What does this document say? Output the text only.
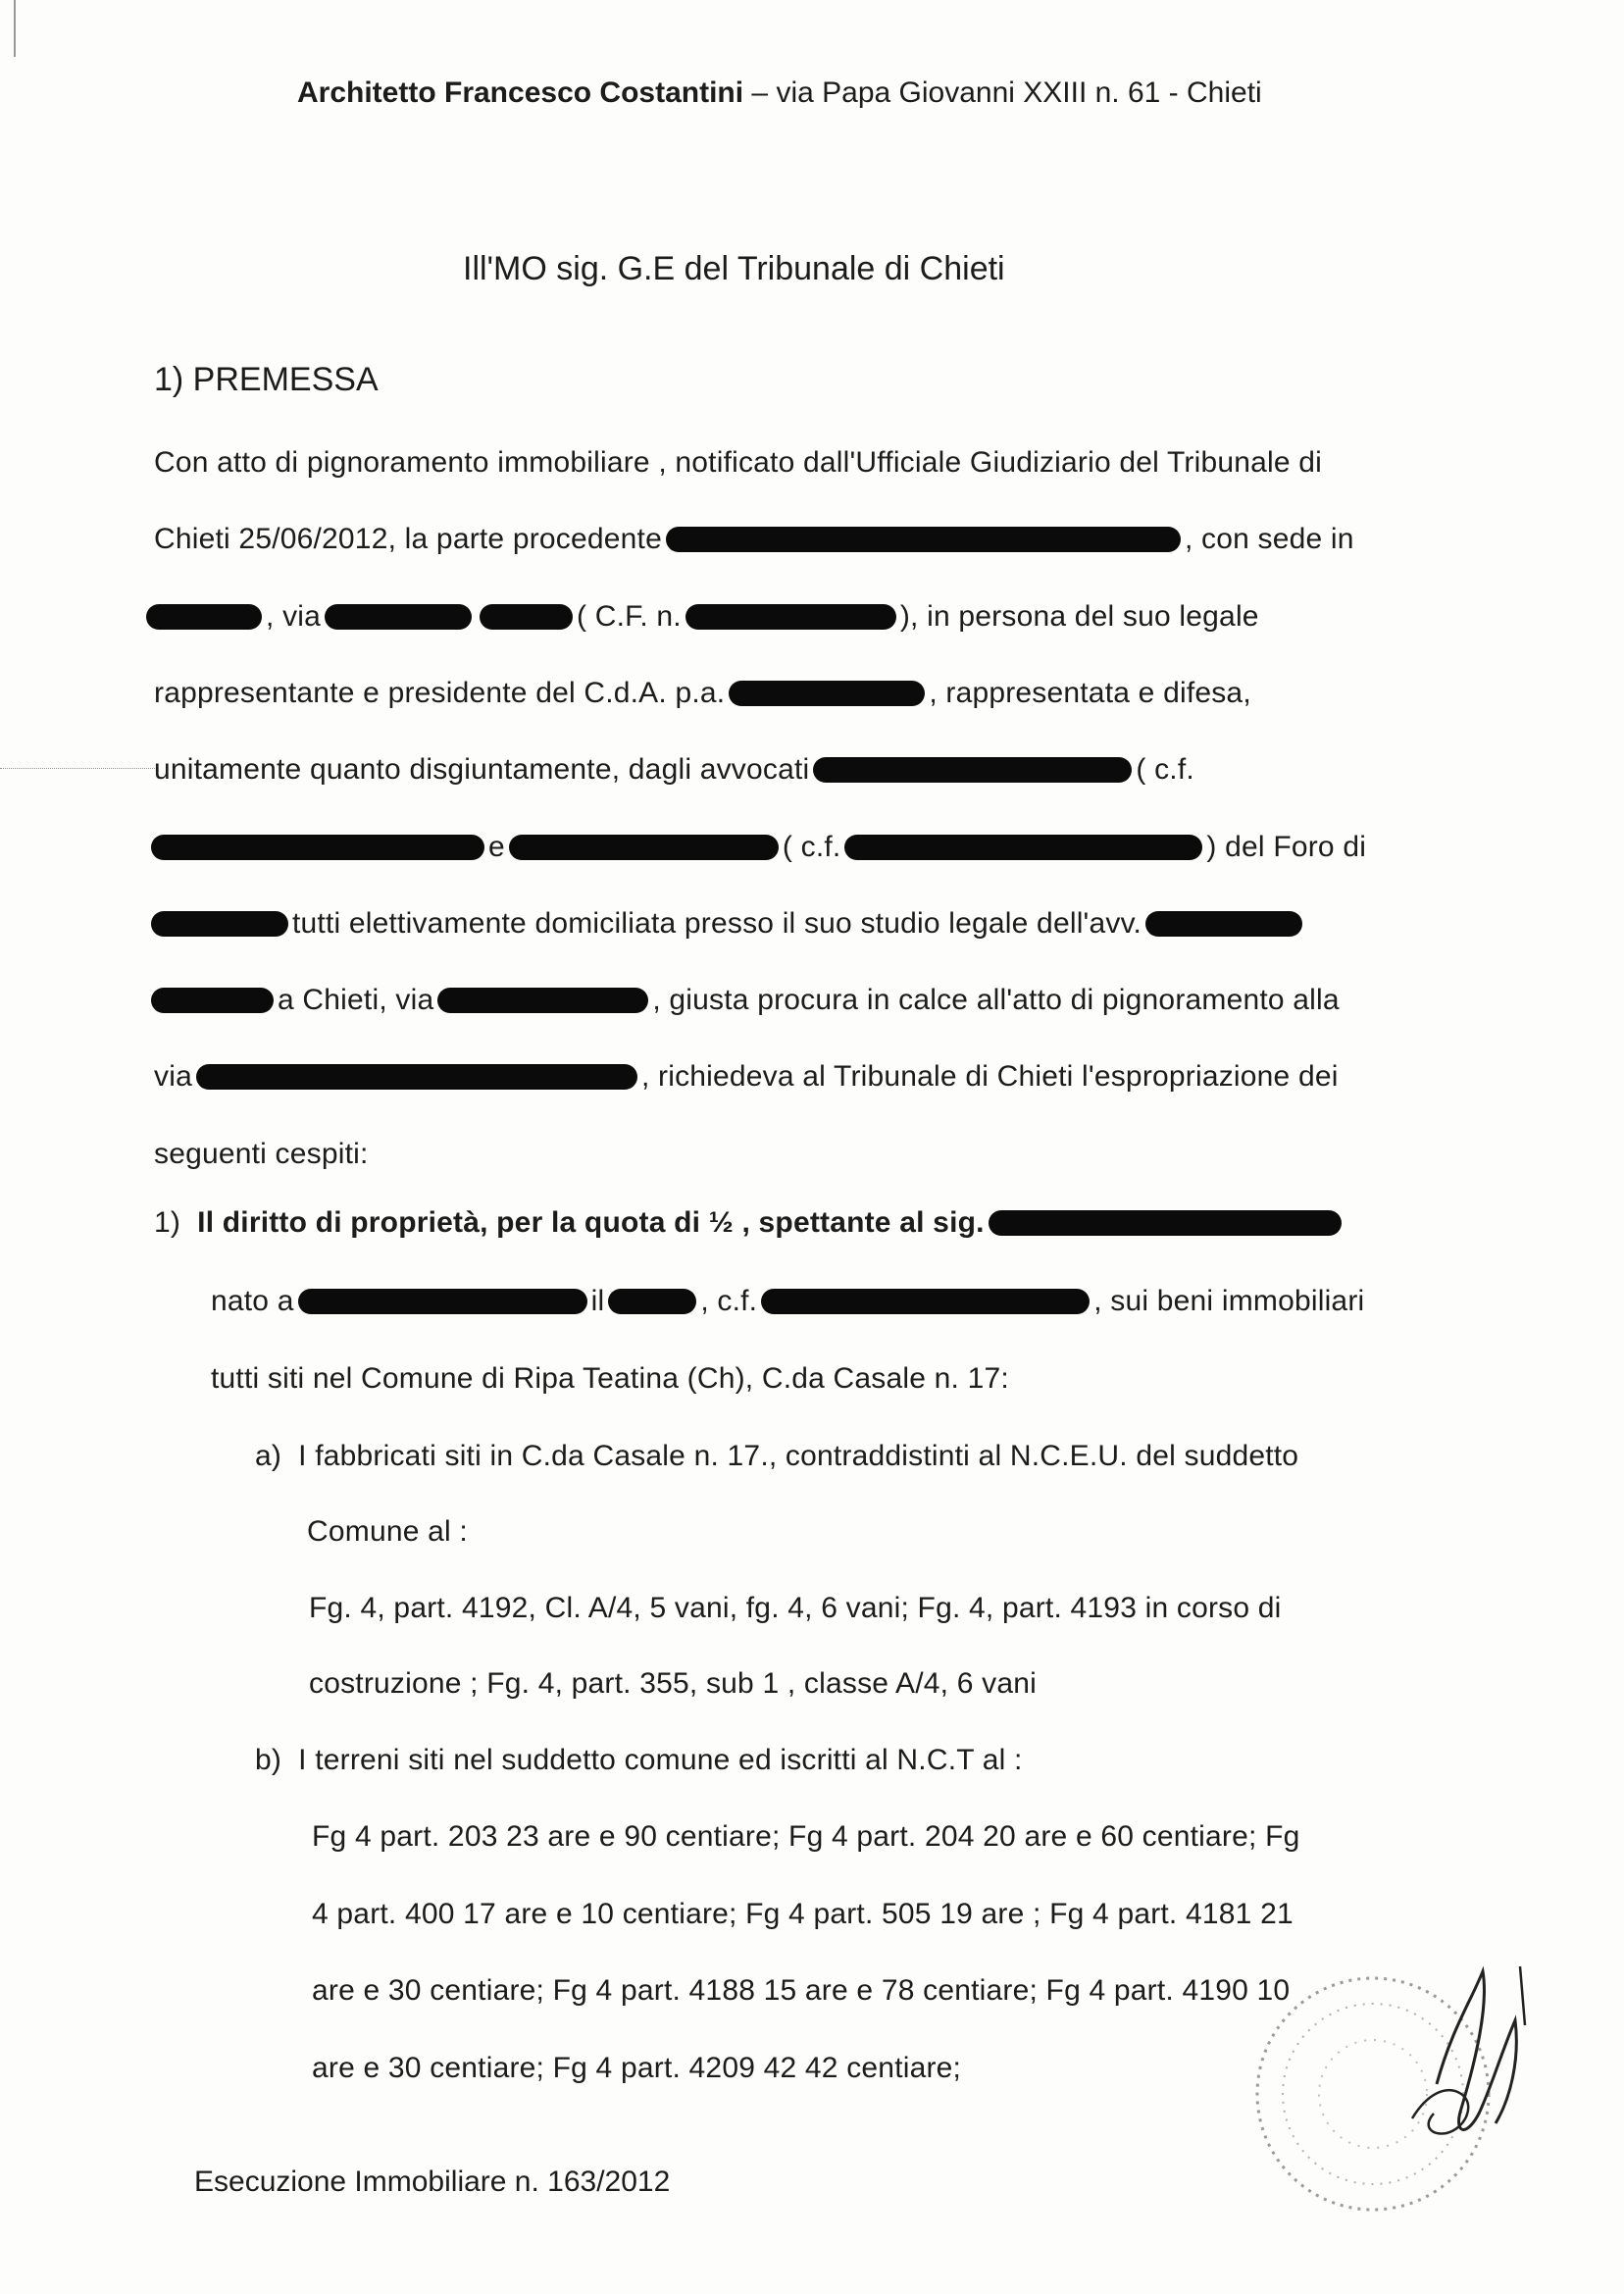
Architetto Francesco Costantini – via Papa Giovanni XXIII n. 61 - Chieti
Ill'MO sig. G.E del Tribunale di Chieti
1) PREMESSA
Con atto di pignoramento immobiliare , notificato dall'Ufficiale Giudiziario del Tribunale di
Chieti 25/06/2012, la parte procedente	, con sede in
, via	( C.F. n.	), in persona del suo legale
rappresentante e presidente del C.d.A. p.a.	, rappresentata e difesa,
unitamente quanto disgiuntamente, dagli avvocati	( c.f.
e	( c.f.	) del Foro di
tutti elettivamente domiciliata presso il suo studio legale dell'avv.
a Chieti, via	, giusta procura in calce all'atto di pignoramento alla
via	, richiedeva al Tribunale di Chieti l'espropriazione dei
seguenti cespiti:
1) Il diritto di proprietà, per la quota di ½ , spettante al sig.
nato a	il	, c.f.	, sui beni immobiliari
tutti siti nel Comune di Ripa Teatina (Ch), C.da Casale n. 17:
a) I fabbricati siti in C.da Casale n. 17., contraddistinti al N.C.E.U. del suddetto
Comune al :
Fg. 4, part. 4192, Cl. A/4, 5 vani, fg. 4, 6 vani; Fg. 4, part. 4193 in corso di
costruzione ; Fg. 4, part. 355, sub 1 , classe A/4, 6 vani
b) I terreni siti nel suddetto comune ed iscritti al N.C.T al :
Fg 4 part. 203 23 are e 90 centiare; Fg 4 part. 204 20 are e 60 centiare; Fg
4 part. 400 17 are e 10 centiare; Fg 4 part. 505 19 are ; Fg 4 part. 4181 21
are e 30 centiare; Fg 4 part. 4188 15 are e 78 centiare; Fg 4 part. 4190 10
are e 30 centiare; Fg 4 part. 4209 42 42 centiare;
Esecuzione Immobiliare n. 163/2012
